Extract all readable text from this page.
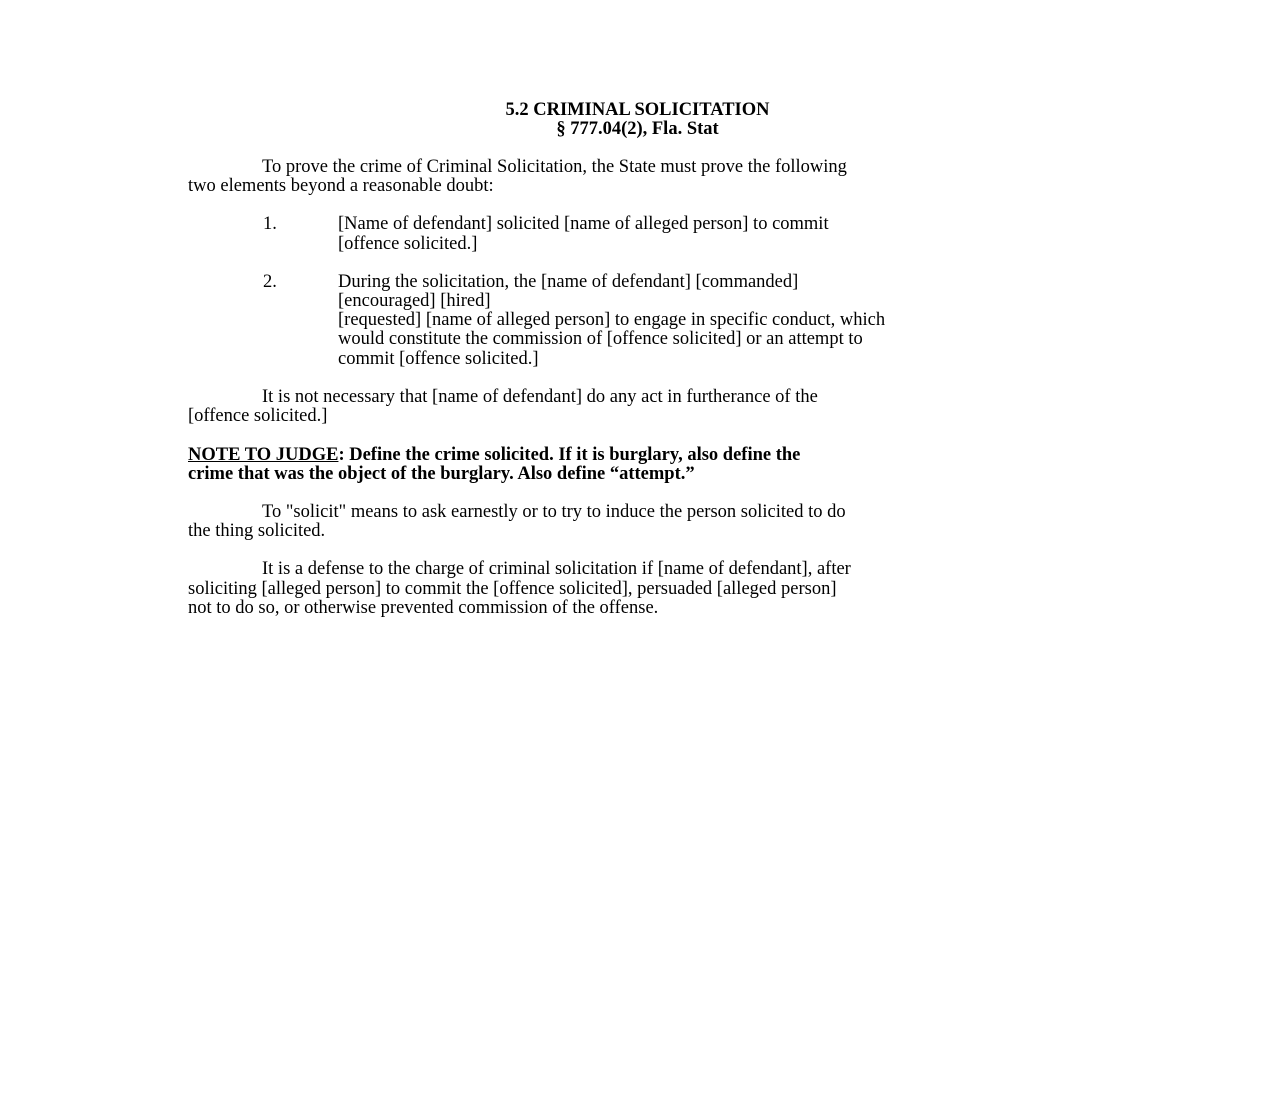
5.2 CRIMINAL SOLICITATION
§ 777.04(2), Fla. Stat
To prove the crime of Criminal Solicitation, the State must prove the following
two elements beyond a reasonable doubt:
1.	[Name of defendant] solicited [name of alleged person] to commit
[offence solicited.]
2.	During the solicitation, the [name of defendant] [commanded]
[encouraged] [hired]
[requested] [name of alleged person] to engage in specific conduct, which
would constitute the commission of [offence solicited] or an attempt to
commit [offence solicited.]
It is not necessary that [name of defendant] do any act in furtherance of the
[offence solicited.]
NOTE TO JUDGE: Define the crime solicited. If it is burglary, also define the
crime that was the object of the burglary. Also define “attempt.”
To "solicit" means to ask earnestly or to try to induce the person solicited to do
the thing solicited.
It is a defense to the charge of criminal solicitation if [name of defendant], after
soliciting [alleged person] to commit the [offence solicited], persuaded [alleged person]
not to do so, or otherwise prevented commission of the offense.
